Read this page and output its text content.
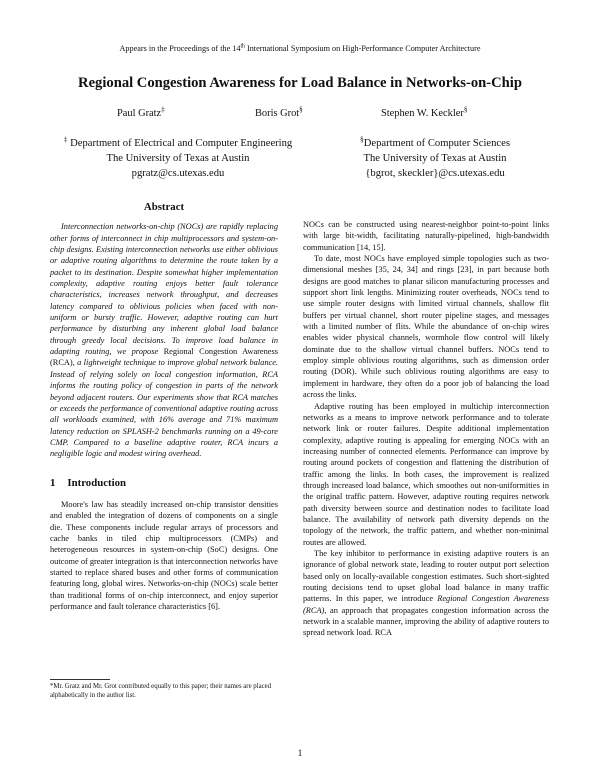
Appears in the Proceedings of the 14th International Symposium on High-Performance Computer Architecture
Regional Congestion Awareness for Load Balance in Networks-on-Chip
Paul Gratz‡	Boris Grot§	Stephen W. Keckler§
‡ Department of Electrical and Computer Engineering
The University of Texas at Austin
pgratz@cs.utexas.edu
§Department of Computer Sciences
The University of Texas at Austin
{bgrot, skeckler}@cs.utexas.edu
Abstract

Interconnection networks-on-chip (NOCs) are rapidly replacing other forms of interconnect in chip multiprocessors and system-on-chip designs. Existing interconnection networks use either oblivious or adaptive routing algorithms to determine the route taken by a packet to its destination. Despite somewhat higher implementation complexity, adaptive routing enjoys better fault tolerance characteristics, increases network throughput, and decreases latency compared to oblivious policies when faced with non-uniform or bursty traffic. However, adaptive routing can hurt performance by disturbing any inherent global load balance through greedy local decisions. To improve load balance in adapting routing, we propose Regional Congestion Awareness (RCA), a lightweight technique to improve global network balance. Instead of relying solely on local congestion information, RCA informs the routing policy of congestion in parts of the network beyond adjacent routers. Our experiments show that RCA matches or exceeds the performance of conventional adaptive routing across all workloads examined, with 16% average and 71% maximum latency reduction on SPLASH-2 benchmarks running on a 49-core CMP. Compared to a baseline adaptive router, RCA incurs a negligible logic and modest wiring overhead.

1 Introduction

Moore's law has steadily increased on-chip transistor densities and enabled the integration of dozens of components on a single die. These components include regular arrays of processors and cache banks in tiled chip multiprocessors (CMPs) and heterogeneous resources in system-on-chip (SoC) designs. One outcome of greater integration is that interconnection networks have started to replace shared buses and other forms of communication featuring long, global wires. Networks-on-chip (NOCs) scale better than traditional forms of on-chip interconnect, and enjoy superior performance and fault tolerance characteristics [6].

*Mr. Gratz and Mr. Grot contributed equally to this paper; their names are placed alphabetically in the author list.

NOCs can be constructed using nearest-neighbor point-to-point links with large bit-width, facilitating naturally-pipelined, high-bandwidth communication [14, 15].

To date, most NOCs have employed simple topologies such as two-dimensional meshes [35, 24, 34] and rings [23], in part because both designs are good matches to planar silicon manufacturing processes and support short link lengths. Minimizing router overheads, NOCs tend to use simple router designs with limited virtual channels, shallow flit buffers per virtual channel, short router pipeline stages, and messages with a limited number of flits. While the abundance of on-chip wires enables wider physical channels, wormhole flow control will likely dominate due to the shallow virtual channel buffers. NOCs tend to employ simple oblivious routing algorithms, such as dimension order routing (DOR). While such oblivious routing algorithms are easy to implement in hardware, they often do a poor job of balancing the load across the links.

Adaptive routing has been employed in multichip interconnection networks as a means to improve network performance and to tolerate network link or router failures. Despite additional implementation complexity, adaptive routing is appealing for emerging NOCs with an increasing number of connected elements. Performance can improve by routing around pockets of congestion and flattening the distribution of traffic among the links. In both cases, the improvement is realized through increased load balance, which smoothes out non-uniformities in the original traffic pattern. However, adaptive routing requires network path diversity between source and destination nodes to facilitate load balance. The availability of network path diversity depends on the topology of the network, the traffic pattern, and whether non-minimal routes are allowed.

The key inhibitor to performance in existing adaptive routers is an ignorance of global network state, leading to router output port selection based only on locally-available congestion estimates. Such short-sighted routing decisions tend to upset global load balance in many traffic patterns. In this paper, we introduce Regional Congestion Awareness (RCA), an approach that propagates congestion information across the network in a scalable manner, improving the ability of adaptive routers to spread network load. RCA

1
